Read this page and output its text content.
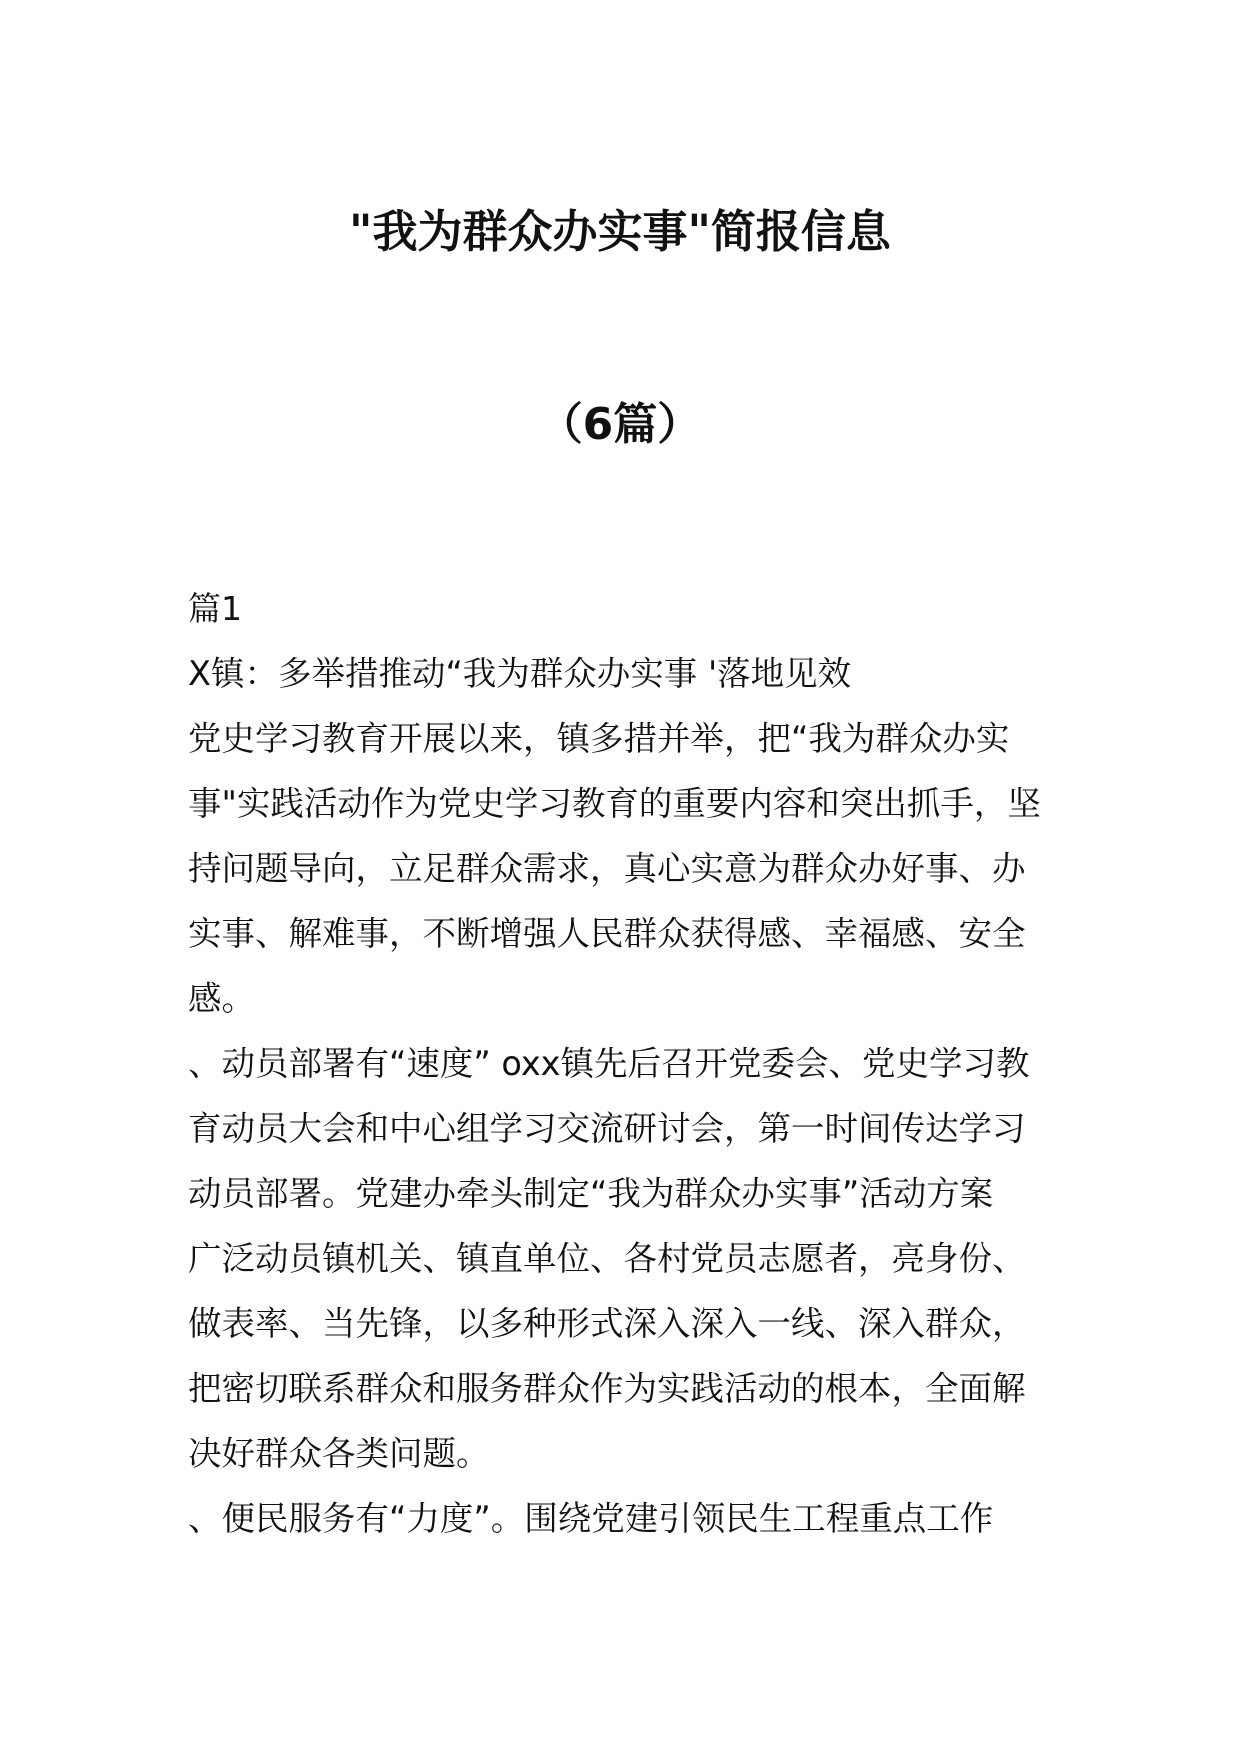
"我为群众办实事"简报信息
（6篇）
篇1
X镇：多举措推动“我为群众办实事 '落地见效
党史学习教育开展以来，镇多措并举，把“我为群众办实
事"实践活动作为党史学习教育的重要内容和突出抓手，坚
持问题导向，立足群众需求，真心实意为群众办好事、办
实事、解难事，不断增强人民群众获得感、幸福感、安全
感。
、动员部署有“速度” oxx镇先后召开党委会、党史学习教
育动员大会和中心组学习交流研讨会，第一时间传达学习
动员部署。党建办牵头制定“我为群众办实事”活动方案
广泛动员镇机关、镇直单位、各村党员志愿者，亮身份、
做表率、当先锋，以多种形式深入深入一线、深入群众，
把密切联系群众和服务群众作为实践活动的根本，全面解
决好群众各类问题。
、便民服务有“力度”。围绕党建引领民生工程重点工作
